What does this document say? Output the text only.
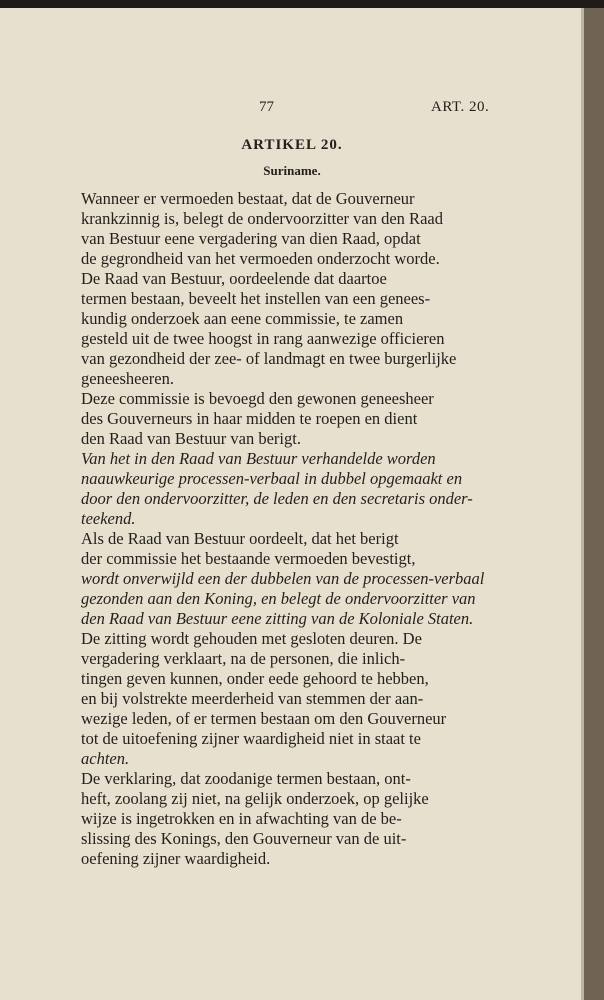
77	ART. 20.
ARTIKEL 20.
Suriname.
Wanneer er vermoeden bestaat, dat de Gouverneur
krankzinnig is, belegt de ondervoorzitter van den Raad
van Bestuur eene vergadering van dien Raad, opdat
de gegrondheid van het vermoeden onderzocht worde.
De Raad van Bestuur, oordeelende dat daartoe
termen bestaan, beveelt het instellen van een genees-
kundig onderzoek aan eene commissie, te zamen
gesteld uit de twee hoogst in rang aanwezige officieren
van gezondheid der zee- of landmagt en twee burgerlijke
geneesheeren.
Deze commissie is bevoegd den gewonen geneesheer
des Gouverneurs in haar midden te roepen en dient
den Raad van Bestuur van berigt.
Van het in den Raad van Bestuur verhandelde worden
naauwkeurige processen-verbaal in dubbel opgemaakt en
door den ondervoorzitter, de leden en den secretaris onder-
teekend.
Als de Raad van Bestuur oordeelt, dat het berigt
der commissie het bestaande vermoeden bevestigt,
wordt onverwijld een der dubbelen van de processen-verbaal
gezonden aan den Koning, en belegt de ondervoorzitter van
den Raad van Bestuur eene zitting van de Koloniale Staten.
De zitting wordt gehouden met gesloten deuren. De
vergadering verklaart, na de personen, die inlich-
tingen geven kunnen, onder eede gehoord te hebben,
en bij volstrekte meerderheid van stemmen der aan-
wezige leden, of er termen bestaan om den Gouverneur
tot de uitoefening zijner waardigheid niet in staat te
achten.
De verklaring, dat zoodanige termen bestaan, ont-
heft, zoolang zij niet, na gelijk onderzoek, op gelijke
wijze is ingetrokken en in afwachting van de be-
slissing des Konings, den Gouverneur van de uit-
oefening zijner waardigheid.
